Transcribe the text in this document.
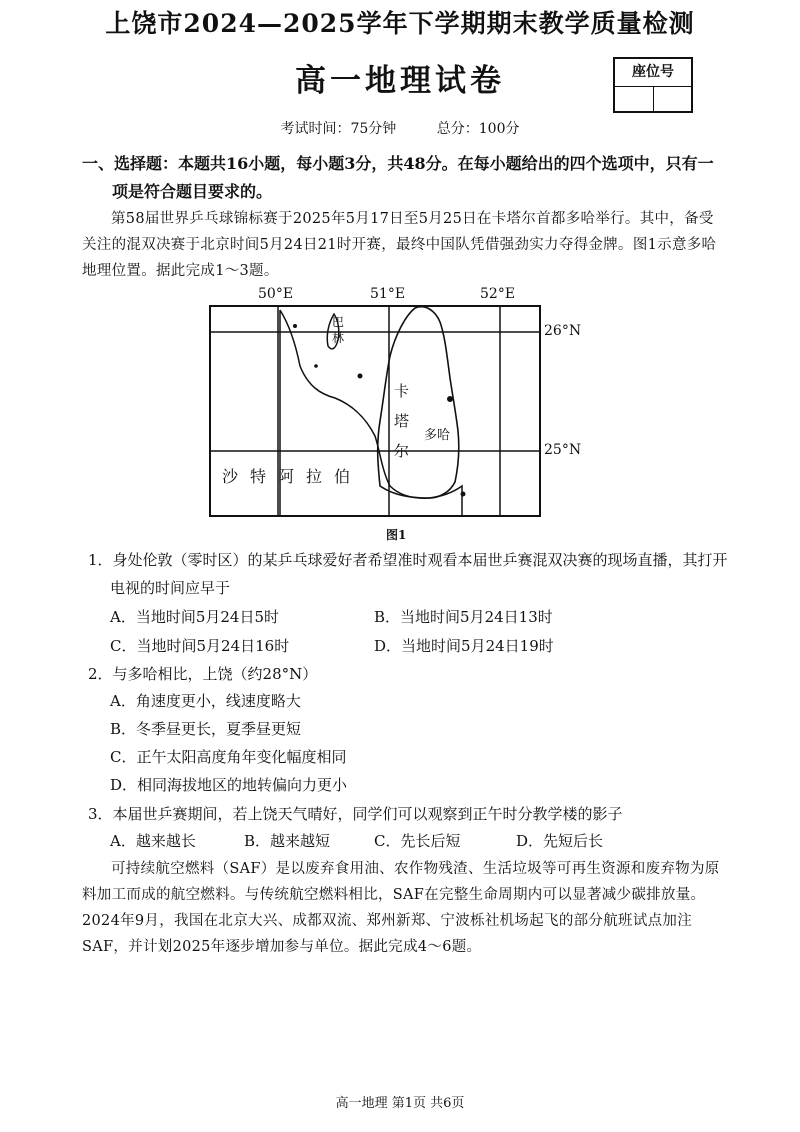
上饶市2024—2025学年下学期期末教学质量检测
高一地理试卷	座位号
考试时间：75分钟	总分：100分
一、选择题：本题共16小题，每小题3分，共48分。在每小题给出的四个选项中，只有一项是符合题目要求的。
第58届世界乒乓球锦标赛于2025年5月17日至5月25日在卡塔尔首都多哈举行。其中，备受关注的混双决赛于北京时间5月24日21时开赛，最终中国队凭借强劲实力夺得金牌。图1示意多哈地理位置。据此完成1～3题。
50°E	51°E	52°E
26°N
25°N
巴林
卡塔尔
多哈
沙特阿拉伯
图1
1．身处伦敦（零时区）的某乒乓球爱好者希望准时观看本届世乒赛混双决赛的现场直播，其打开电视的时间应早于
A．当地时间5月24日5时	B．当地时间5月24日13时
C．当地时间5月24日16时	D．当地时间5月24日19时
2．与多哈相比，上饶（约28°N）
A．角速度更小，线速度略大
B．冬季昼更长，夏季昼更短
C．正午太阳高度角年变化幅度相同
D．相同海拔地区的地转偏向力更小
3．本届世乒赛期间，若上饶天气晴好，同学们可以观察到正午时分教学楼的影子
A．越来越长	B．越来越短	C．先长后短	D．先短后长
可持续航空燃料（SAF）是以废弃食用油、农作物残渣、生活垃圾等可再生资源和废弃物为原料加工而成的航空燃料。与传统航空燃料相比，SAF在完整生命周期内可以显著减少碳排放量。2024年9月，我国在北京大兴、成都双流、郑州新郑、宁波栎社机场起飞的部分航班试点加注SAF，并计划2025年逐步增加参与单位。据此完成4～6题。
高一地理 第1页 共6页
